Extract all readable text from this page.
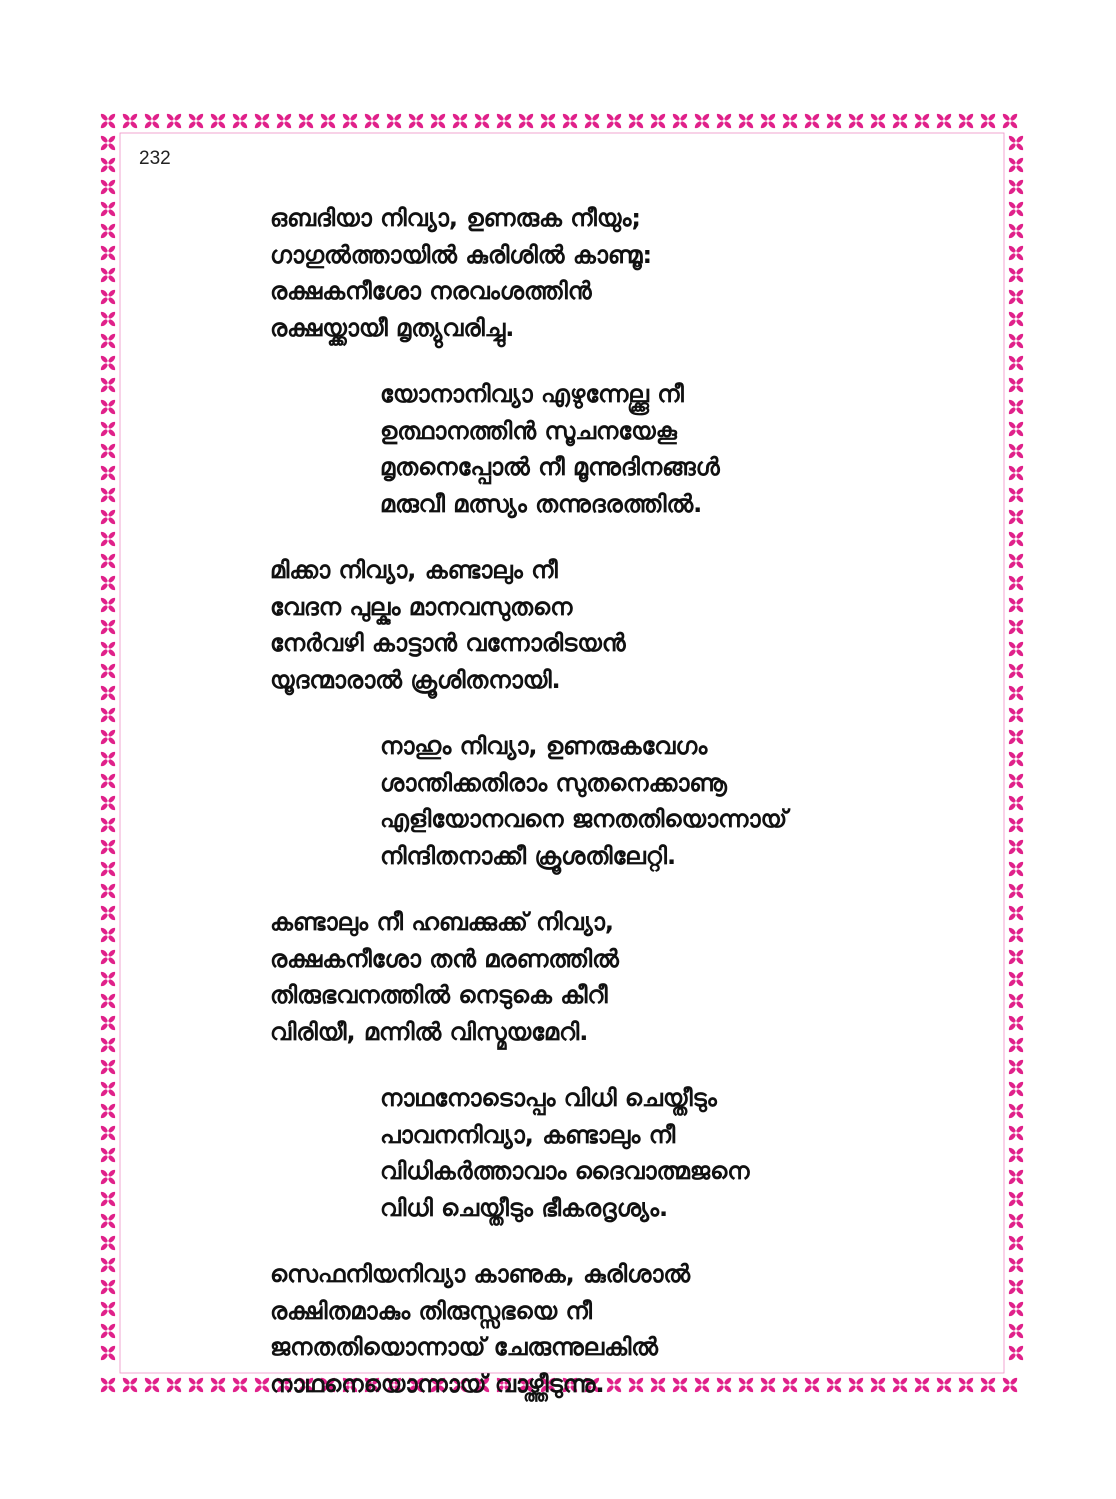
232
ഒബദിയാ നിവ്യാ, ഉണരുക നീയും;
ഗാഗുൽത്തായിൽ കുരിശിൽ കാണ്മൂ:
രക്ഷകനീശോ നരവംശത്തിൻ
രക്ഷയ്ക്കായീ മൃത്യുവരിച്ചു.
യോനാനിവ്യാ എഴുന്നേല്ക്കൂ നീ
ഉത്ഥാനത്തിൻ സൂചനയേകൂ
മൃതനെപ്പോൽ നീ മൂന്നുദിനങ്ങൾ
മരുവീ മത്സ്യം തന്നുദരത്തിൽ.
മിക്കാ നിവ്യാ, കണ്ടാലും നീ
വേദന പുല്കും മാനവസുതനെ
നേർവഴി കാട്ടാൻ വന്നോരിടയൻ
യൂദന്മാരാൽ ക്രൂശിതനായി.
നാഹും നിവ്യാ, ഉണരുകവേഗം
ശാന്തിക്കതിരാം സുതനെക്കാണൂ
എളിയോനവനെ ജനതതിയൊന്നായ്
നിന്ദിതനാക്കീ ക്രൂശതിലേറ്റി.
കണ്ടാലും നീ ഹബക്കുക്ക് നിവ്യാ,
രക്ഷകനീശോ തൻ മരണത്തിൽ
തിരുഭവനത്തിൽ നെടുകെ കീറീ
വിരിയീ, മന്നിൽ വിസ്മയമേറി.
നാഥനോടൊപ്പം വിധി ചെയ്തീടും
പാവനനിവ്യാ, കണ്ടാലും നീ
വിധികർത്താവാം ദൈവാത്മജനെ
വിധി ചെയ്തീടും ഭീകരദൃശ്യം.
സെഫനിയനിവ്യാ കാണുക, കുരിശാൽ
രക്ഷിതമാകും തിരുസ്സഭയെ നീ
ജനതതിയൊന്നായ് ചേരുന്നുലകിൽ
നാഥനെയൊന്നായ് വാഴ്ത്തീടുന്നു.
